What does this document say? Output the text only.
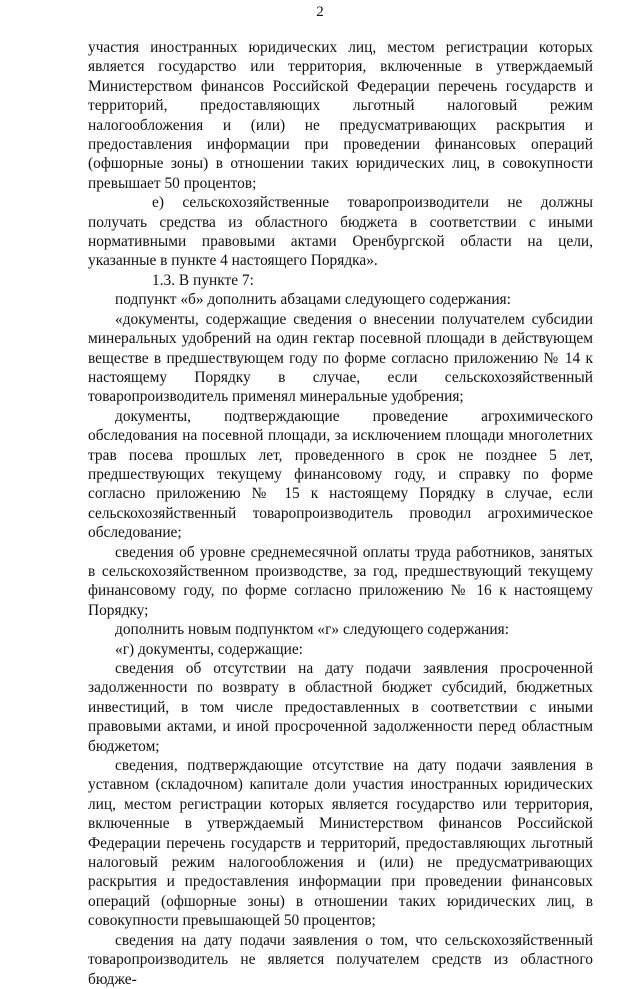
2

участия иностранных юридических лиц, местом регистрации которых является государство или территория, включенные в утверждаемый Министерством финансов Российской Федерации перечень государств и территорий, предоставляющих льготный налоговый режим налогообложения и (или) не предусматривающих раскрытия и предоставления информации при проведении финансовых операций (офшорные зоны) в отношении таких юридических лиц, в совокупности превышает 50 процентов;

е) сельскохозяйственные товаропроизводители не должны получать средства из областного бюджета в соответствии с иными нормативными правовыми актами Оренбургской области на цели, указанные в пункте 4 настоящего Порядка».

1.3. В пункте 7:

подпункт «б» дополнить абзацами следующего содержания:

«документы, содержащие сведения о внесении получателем субсидии минеральных удобрений на один гектар посевной площади в действующем веществе в предшествующем году по форме согласно приложению № 14 к настоящему Порядку в случае, если сельскохозяйственный товаропроизводитель применял минеральные удобрения;

документы, подтверждающие проведение агрохимического обследования на посевной площади, за исключением площади многолетних трав посева прошлых лет, проведенного в срок не позднее 5 лет, предшествующих текущему финансовому году, и справку по форме согласно приложению № 15 к настоящему Порядку в случае, если сельскохозяйственный товаропроизводитель проводил агрохимическое обследование;

сведения об уровне среднемесячной оплаты труда работников, занятых в сельскохозяйственном производстве, за год, предшествующий текущему финансовому году, по форме согласно приложению № 16 к настоящему Порядку;

дополнить новым подпунктом «г» следующего содержания:

«г) документы, содержащие:

сведения об отсутствии на дату подачи заявления просроченной задолженности по возврату в областной бюджет субсидий, бюджетных инвестиций, в том числе предоставленных в соответствии с иными правовыми актами, и иной просроченной задолженности перед областным бюджетом;

сведения, подтверждающие отсутствие на дату подачи заявления в уставном (складочном) капитале доли участия иностранных юридических лиц, местом регистрации которых является государство или территория, включенные в утверждаемый Министерством финансов Российской Федерации перечень государств и территорий, предоставляющих льготный налоговый режим налогообложения и (или) не предусматривающих раскрытия и предоставления информации при проведении финансовых операций (офшорные зоны) в отношении таких юридических лиц, в совокупности превышающей 50 процентов;

сведения на дату подачи заявления о том, что сельскохозяйственный товаропроизводитель не является получателем средств из областного бюдже-
